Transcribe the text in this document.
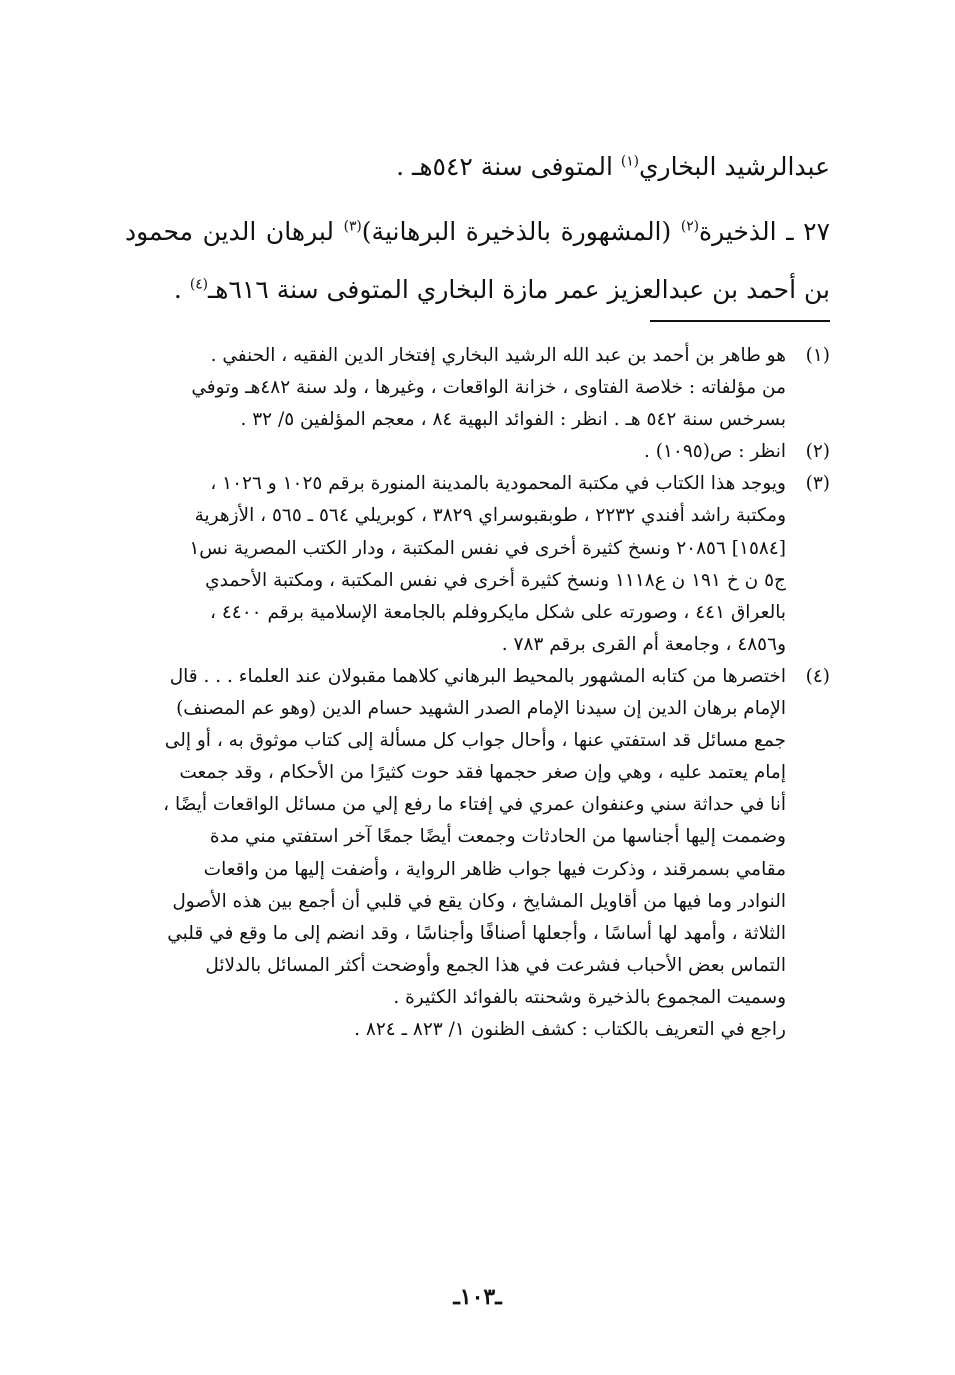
عبدالرشيد البخاري$^{(١)}$ المتوفى سنة ٥٤٢هـ .

٢٧ ـ الذخيرة$^{(٢)}$ (المشهورة بالذخيرة البرهانية)$^{(٣)}$ لبرهان الدين محمود بن أحمد بن عبدالعزيز عمر مازة البخاري المتوفى سنة ٦١٦هـ$^{(٤)}$ .

(١)
هو طاهر بن أحمد بن عبد الله الرشيد البخاري إفتخار الدين الفقيه ، الحنفي .
من مؤلفاته : خلاصة الفتاوى ، خزانة الواقعات ، وغيرها ، ولد سنة ٤٨٢هـ وتوفي
بسرخس سنة ٥٤٢ هـ . انظر : الفوائد البهية ٨٤ ، معجم المؤلفين ٥/ ٣٢ .
(٢)
انظر : ص(١٠٩٥) .
(٣)
ويوجد هذا الكتاب في مكتبة المحمودية بالمدينة المنورة برقم ١٠٢٥ و ١٠٢٦ ،
ومكتبة راشد أفندي ٢٢٣٢ ، طوبقبوسراي ٣٨٢٩ ، كوبريلي ٥٦٤ ـ ٥٦٥ ، الأزهرية
[١٥٨٤] ٢٠٨٥٦ ونسخ كثيرة أخرى في نفس المكتبة ، ودار الكتب المصرية نس١
ج٥ ن خ ١٩١ ن ع١١١٨ ونسخ كثيرة أخرى في نفس المكتبة ، ومكتبة الأحمدي
بالعراق ٤٤١ ، وصورته على شكل مايكروفلم بالجامعة الإسلامية برقم ٤٤٠٠ ،
و٤٨٥٦ ، وجامعة أم القرى برقم ٧٨٣ .
(٤)
اختصرها من كتابه المشهور بالمحيط البرهاني كلاهما مقبولان عند العلماء . . . قال
الإمام برهان الدين إن سيدنا الإمام الصدر الشهيد حسام الدين (وهو عم المصنف)
جمع مسائل قد استفتي عنها ، وأحال جواب كل مسألة إلى كتاب موثوق به ، أو إلى
إمام يعتمد عليه ، وهي وإن صغر حجمها فقد حوت كثيرًا من الأحكام ، وقد جمعت
أنا في حداثة سني وعنفوان عمري في إفتاء ما رفع إلي من مسائل الواقعات أيضًا ،
وضممت إليها أجناسها من الحادثات وجمعت أيضًا جمعًا آخر استفتي مني مدة
مقامي بسمرقند ، وذكرت فيها جواب ظاهر الرواية ، وأضفت إليها من واقعات
النوادر وما فيها من أقاويل المشايخ ، وكان يقع في قلبي أن أجمع بين هذه الأصول
الثلاثة ، وأمهد لها أساسًا ، وأجعلها أصنافًا وأجناسًا ، وقد انضم إلى ما وقع في قلبي
التماس بعض الأحباب فشرعت في هذا الجمع وأوضحت أكثر المسائل بالدلائل
وسميت المجموع بالذخيرة وشحنته بالفوائد الكثيرة .
راجع في التعريف بالكتاب : كشف الظنون ١/ ٨٢٣ ـ ٨٢٤ .
ـ١٠٣ـ
